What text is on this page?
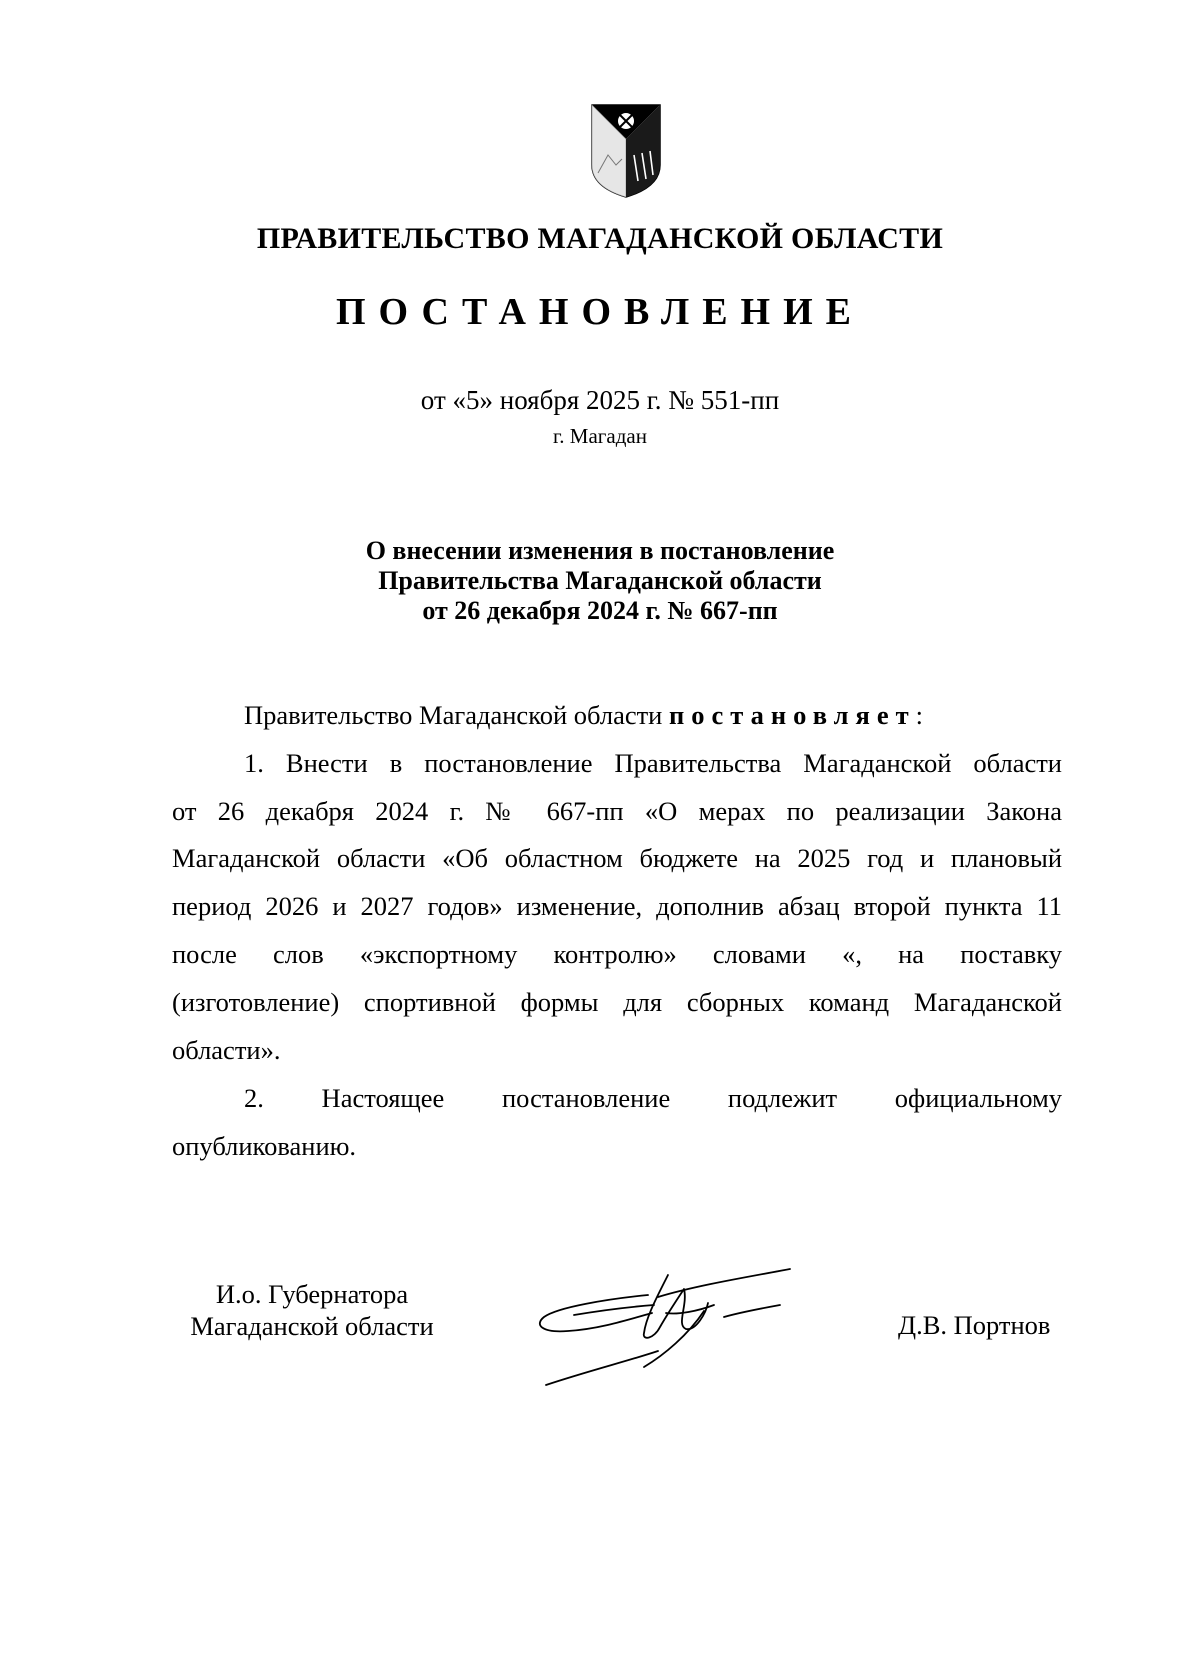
ПРАВИТЕЛЬСТВО МАГАДАНСКОЙ ОБЛАСТИ
ПОСТАНОВЛЕНИЕ
от «5» ноября 2025 г. № 551-пп
г. Магадан
О внесении изменения в постановление
Правительства Магаданской области
от 26 декабря 2024 г. № 667-пп
Правительство Магаданской области постановляет:
1. Внести в постановление Правительства Магаданской области
от 26 декабря 2024 г. № 667-пп «О мерах по реализации Закона
Магаданской области «Об областном бюджете на 2025 год и плановый
период 2026 и 2027 годов» изменение, дополнив абзац второй пункта 11
после слов «экспортному контролю» словами «, на поставку
(изготовление) спортивной формы для сборных команд Магаданской
области».
2. Настоящее постановление подлежит официальному
опубликованию.
И.о. Губернатора
Магаданской области	Д.В. Портнов
